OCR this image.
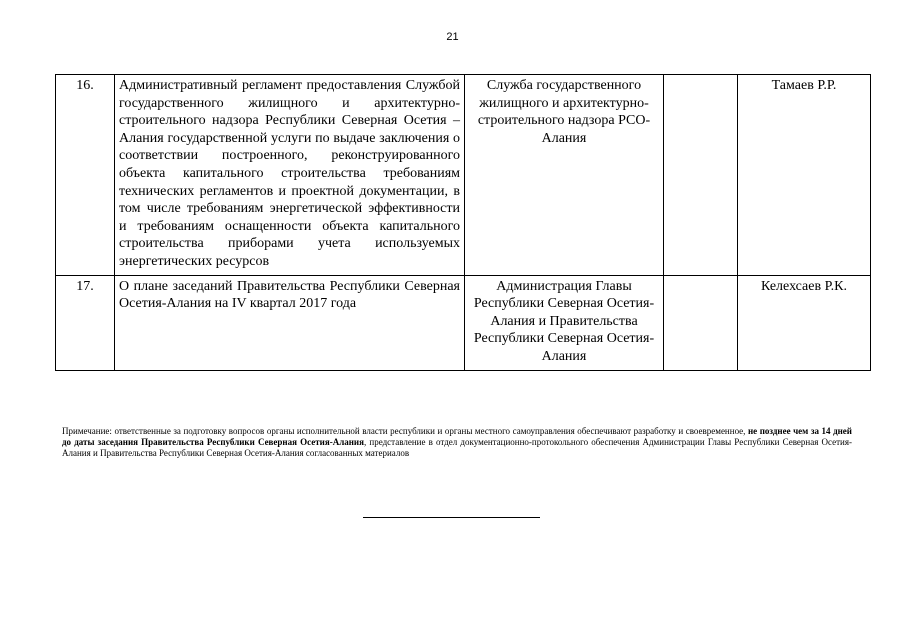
21
16.	Административный регламент предоставления Службой государственного жилищного и архитектурно-строительного надзора Республики Северная Осетия – Алания государственной услуги по выдаче заключения о соответствии построенного, реконструированного объекта капитального строительства требованиям технических регламентов и проектной документации, в том числе требованиям энергетической эффективности и требованиям оснащенности объекта капитального строительства приборами учета используемых энергетических ресурсов	Служба государственного жилищного и архитектурно-строительного надзора РСО-Алания		Тамаев Р.Р.
17.	О плане заседаний Правительства Республики Северная Осетия-Алания на IV квартал 2017 года	Администрация Главы Республики Северная Осетия-Алания и Правительства Республики Северная Осетия-Алания		Келехсаев Р.К.
Примечание: ответственные за подготовку вопросов органы исполнительной власти республики и органы местного самоуправления обеспечивают разработку и своевременное, не позднее чем за 14 дней до даты заседания Правительства Республики Северная Осетия-Алания, представление в отдел документационно-протокольного обеспечения Администрации Главы Республики Северная Осетия-Алания и Правительства Республики Северная Осетия-Алания согласованных материалов
